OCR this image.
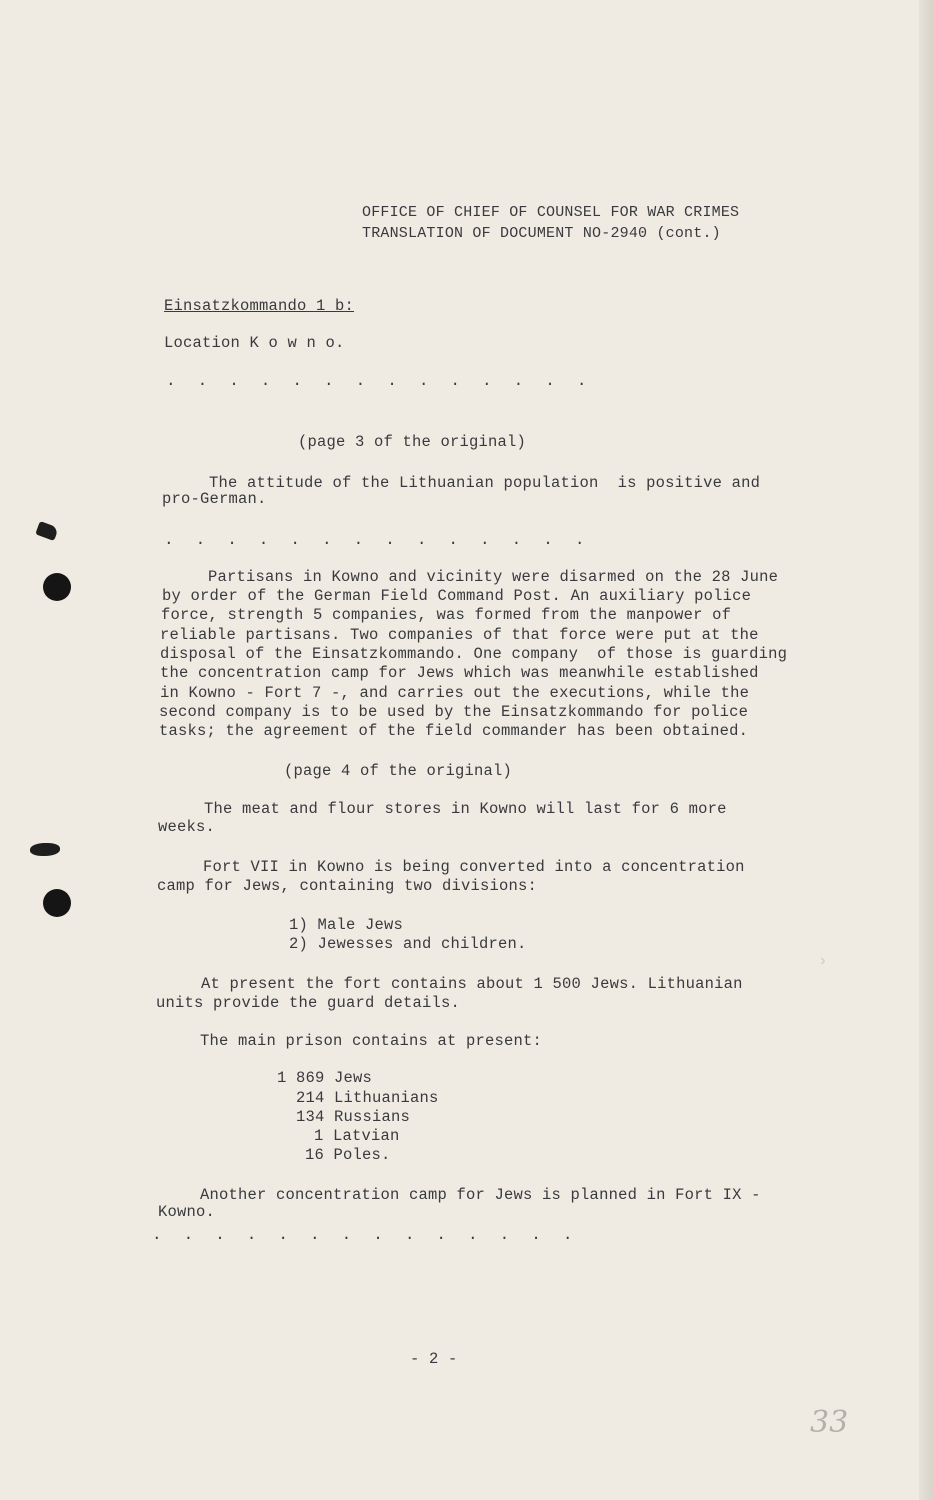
OFFICE OF CHIEF OF COUNSEL FOR WAR CRIMES
TRANSLATION OF DOCUMENT NO-2940 (cont.)
Einsatzkommando 1 b:
Location K o w n o.
. . . . . . . . . . . . . .
(page 3 of the original)
The attitude of the Lithuanian population  is positive and
pro-German.
. . . . . . . . . . . . . .
Partisans in Kowno and vicinity were disarmed on the 28 June
by order of the German Field Command Post. An auxiliary police
force, strength 5 companies, was formed from the manpower of
reliable partisans. Two companies of that force were put at the
disposal of the Einsatzkommando. One company  of those is guarding
the concentration camp for Jews which was meanwhile established
in Kowno - Fort 7 -, and carries out the executions, while the
second company is to be used by the Einsatzkommando for police
tasks; the agreement of the field commander has been obtained.
(page 4 of the original)
The meat and flour stores in Kowno will last for 6 more
weeks.
Fort VII in Kowno is being converted into a concentration
camp for Jews, containing two divisions:
1) Male Jews
2) Jewesses and children.
At present the fort contains about 1 500 Jews. Lithuanian
units provide the guard details.
The main prison contains at present:
1 869 Jews
214 Lithuanians
134 Russians
1 Latvian
16 Poles.
Another concentration camp for Jews is planned in Fort IX -
Kowno.
. . . . . . . . . . . . . .
- 2 -
33
›
